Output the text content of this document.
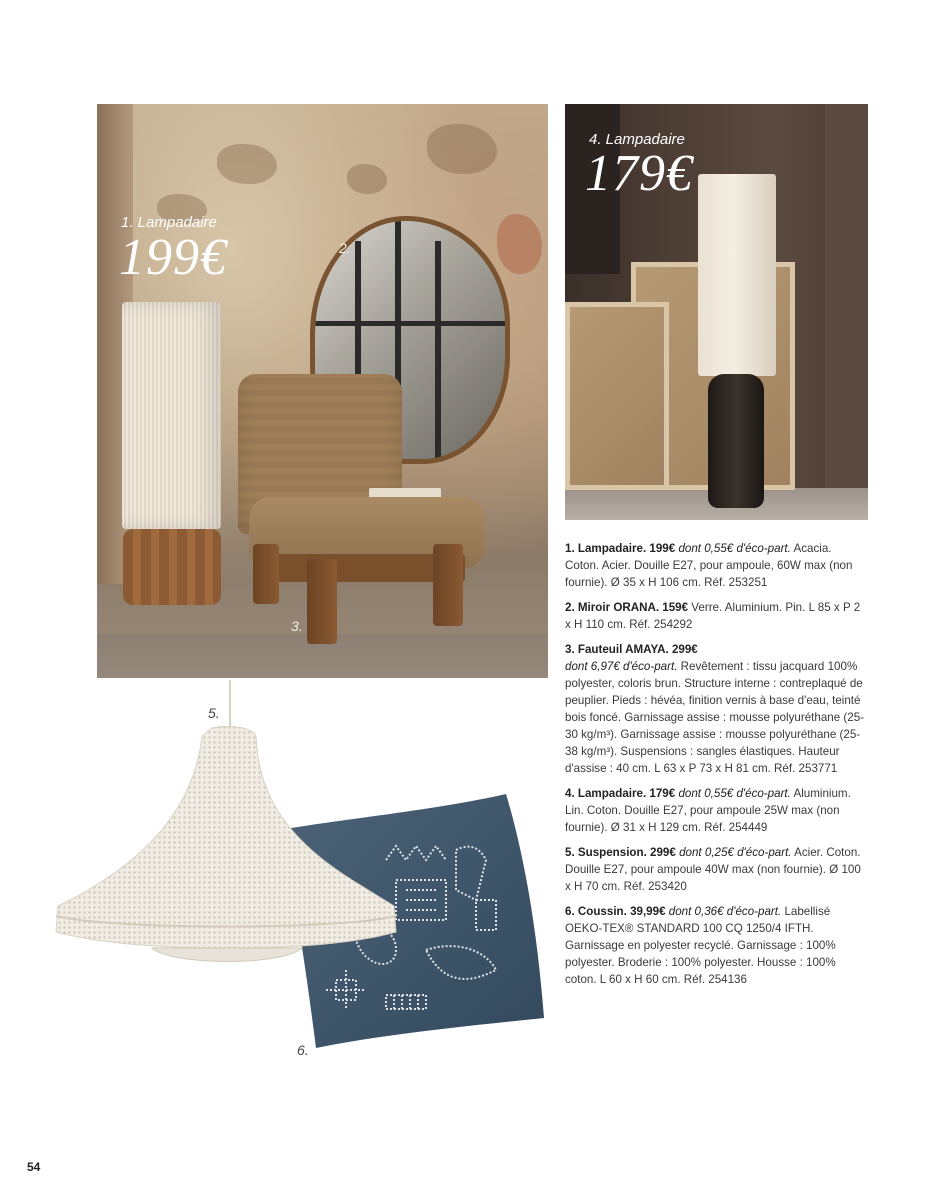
1. Lampadaire
199€	2.
3.
4. Lampadaire
179€
5.
6.

1. Lampadaire. 199€ dont 0,55€ d'éco-part. Acacia. Coton. Acier. Douille E27, pour ampoule, 60W max (non fournie). Ø 35 x H 106 cm. Réf. 253251

2. Miroir ORANA. 159€ Verre. Aluminium. Pin. L 85 x P 2 x H 110 cm. Réf. 254292

3. Fauteuil AMAYA. 299€
dont 6,97€ d'éco-part. Revêtement : tissu jacquard 100% polyester, coloris brun. Structure interne : contreplaqué de peuplier. Pieds : hévéa, finition vernis à base d'eau, teinté bois foncé. Garnissage assise : mousse polyuréthane (25-30 kg/m³). Garnissage assise : mousse polyuréthane (25-38 kg/m³). Suspensions : sangles élastiques. Hauteur d'assise : 40 cm. L 63 x P 73 x H 81 cm. Réf. 253771

4. Lampadaire. 179€ dont 0,55€ d'éco-part. Aluminium. Lin. Coton. Douille E27, pour ampoule 25W max (non fournie). Ø 31 x H 129 cm. Réf. 254449

5. Suspension. 299€ dont 0,25€ d'éco-part. Acier. Coton. Douille E27, pour ampoule 40W max (non fournie). Ø 100 x H 70 cm. Réf. 253420

6. Coussin. 39,99€ dont 0,36€ d'éco-part. Labellisé OEKO-TEX® STANDARD 100 CQ 1250/4 IFTH. Garnissage en polyester recyclé. Garnissage : 100% polyester. Broderie : 100% polyester. Housse : 100% coton. L 60 x H 60 cm. Réf. 254136

54
